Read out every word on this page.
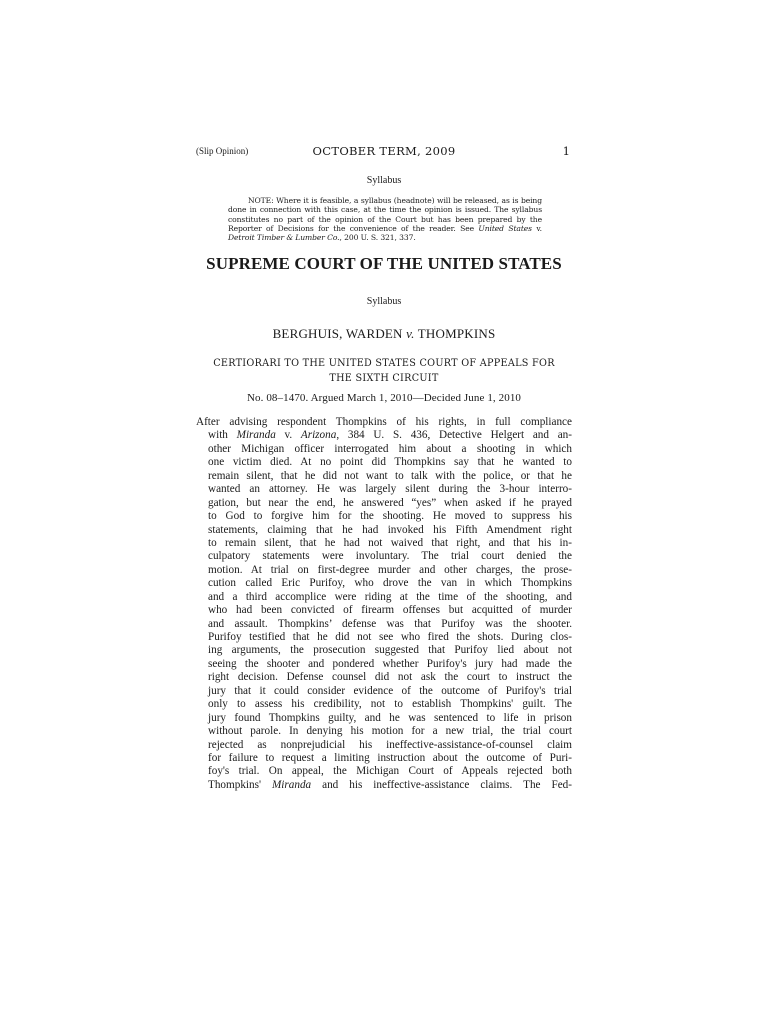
(Slip Opinion)	OCTOBER TERM, 2009	1
Syllabus
NOTE: Where it is feasible, a syllabus (headnote) will be released, as is being done in connection with this case, at the time the opinion is issued. The syllabus constitutes no part of the opinion of the Court but has been prepared by the Reporter of Decisions for the convenience of the reader. See United States v. Detroit Timber & Lumber Co., 200 U. S. 321, 337.
SUPREME COURT OF THE UNITED STATES
Syllabus
BERGHUIS, WARDEN v. THOMPKINS
CERTIORARI TO THE UNITED STATES COURT OF APPEALS FOR
THE SIXTH CIRCUIT
No. 08–1470. Argued March 1, 2010—Decided June 1, 2010
After advising respondent Thompkins of his rights, in full compliance
with Miranda v. Arizona, 384 U. S. 436, Detective Helgert and an-
other Michigan officer interrogated him about a shooting in which
one victim died. At no point did Thompkins say that he wanted to
remain silent, that he did not want to talk with the police, or that he
wanted an attorney. He was largely silent during the 3-hour interro-
gation, but near the end, he answered “yes” when asked if he prayed
to God to forgive him for the shooting. He moved to suppress his
statements, claiming that he had invoked his Fifth Amendment right
to remain silent, that he had not waived that right, and that his in-
culpatory statements were involuntary. The trial court denied the
motion. At trial on first-degree murder and other charges, the prose-
cution called Eric Purifoy, who drove the van in which Thompkins
and a third accomplice were riding at the time of the shooting, and
who had been convicted of firearm offenses but acquitted of murder
and assault. Thompkins’ defense was that Purifoy was the shooter.
Purifoy testified that he did not see who fired the shots. During clos-
ing arguments, the prosecution suggested that Purifoy lied about not
seeing the shooter and pondered whether Purifoy's jury had made the
right decision. Defense counsel did not ask the court to instruct the
jury that it could consider evidence of the outcome of Purifoy's trial
only to assess his credibility, not to establish Thompkins' guilt. The
jury found Thompkins guilty, and he was sentenced to life in prison
without parole. In denying his motion for a new trial, the trial court
rejected as nonprejudicial his ineffective-assistance-of-counsel claim
for failure to request a limiting instruction about the outcome of Puri-
foy's trial. On appeal, the Michigan Court of Appeals rejected both
Thompkins' Miranda and his ineffective-assistance claims. The Fed-
